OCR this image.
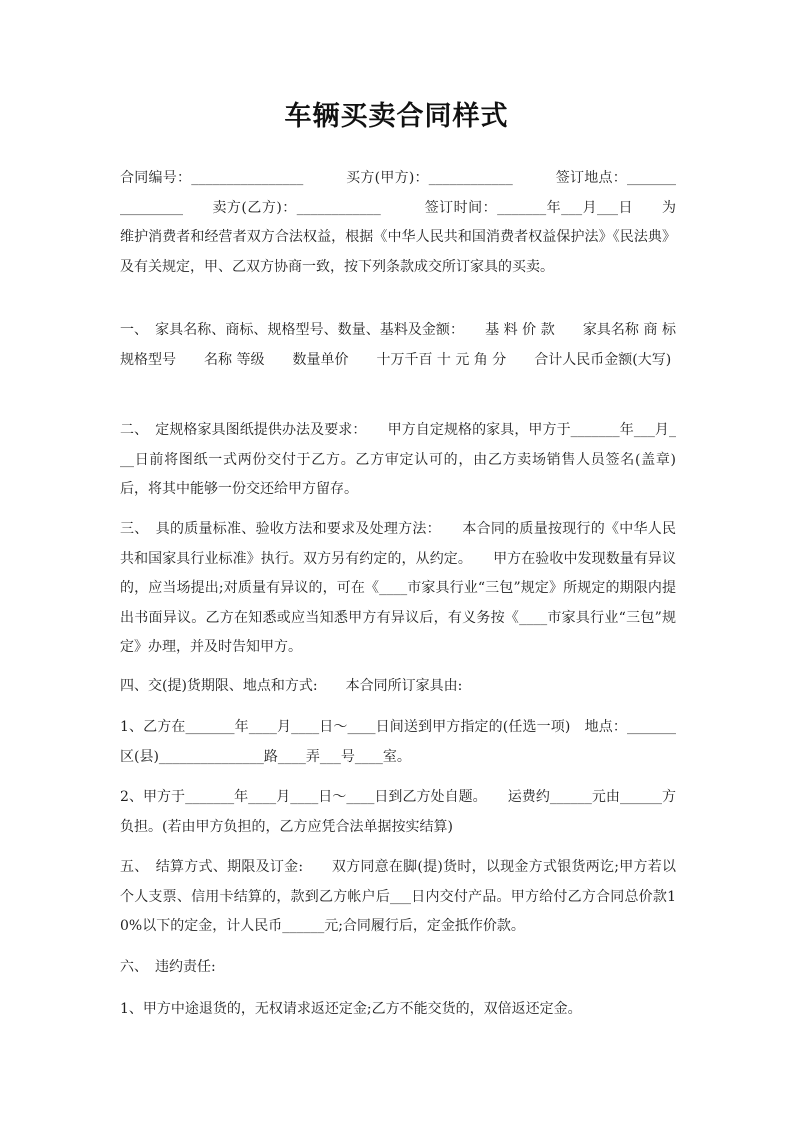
车辆买卖合同样式

合同编号：________________　　　买方(甲方)：____________　　　签订地点：________________　　卖方(乙方)：____________　　　签订时间：_______年___月___日　　为维护消费者和经营者双方合法权益，根据《中华人民共和国消费者权益保护法》《民法典》及有关规定，甲、乙双方协商一致，按下列条款成交所订家具的买卖。

一、　家具名称、商标、规格型号、数量、基料及金额：　　基 料 价 款　　家具名称 商 标规格型号　　名称 等级　　数量单价　　十万千百 十 元 角 分　　合计人民币金额(大写)

二、　定规格家具图纸提供办法及要求：　　甲方自定规格的家具，甲方于_______年___月___日前将图纸一式两份交付于乙方。乙方审定认可的，由乙方卖场销售人员签名(盖章)后，将其中能够一份交还给甲方留存。

三、　具的质量标准、验收方法和要求及处理方法：　　本合同的质量按现行的《中华人民共和国家具行业标准》执行。双方另有约定的，从约定。　　甲方在验收中发现数量有异议的，应当场提出;对质量有异议的，可在《____市家具行业“三包”规定》所规定的期限内提出书面异议。乙方在知悉或应当知悉甲方有异议后，有义务按《____市家具行业“三包”规定》办理，并及时告知甲方。

四、交(提)货期限、地点和方式:　　本合同所订家具由:

1、乙方在_______年____月____日～____日间送到甲方指定的(任选一项)　地点：_______区(县)_______________路____弄___号____室。

2、甲方于_______年____月____日～____日到乙方处自题。　　运费约______元由______方负担。(若由甲方负担的，乙方应凭合法单据按实结算)

五、　结算方式、期限及订金:　　双方同意在脚(提)货时，以现金方式银货两讫;甲方若以个人支票、信用卡结算的，款到乙方帐户后___日内交付产品。甲方给付乙方合同总价款10%以下的定金，计人民币______元;合同履行后，定金抵作价款。

六、　违约责任:

1、甲方中途退货的，无权请求返还定金;乙方不能交货的，双倍返还定金。
